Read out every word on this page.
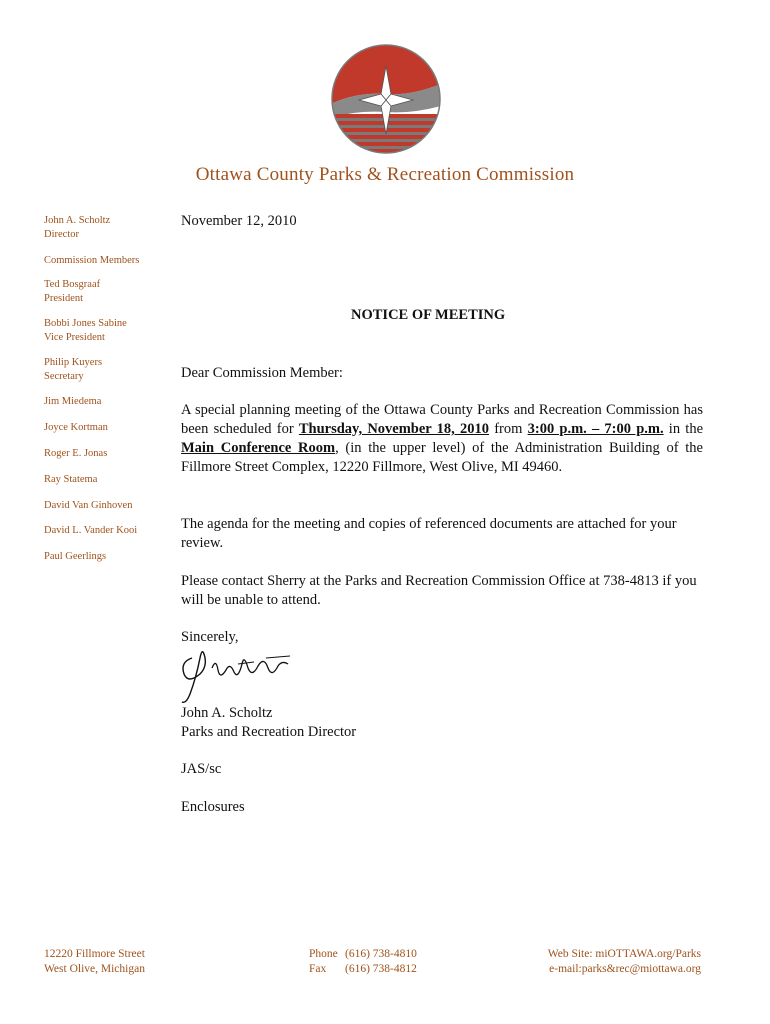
Ottawa County Parks & Recreation Commission
John A. Scholtz
Director
Commission Members
Ted Bosgraaf
President
Bobbi Jones Sabine
Vice President
Philip Kuyers
Secretary
Jim Miedema
Joyce Kortman
Roger E. Jonas
Ray Statema
David Van Ginhoven
David L. Vander Kooi
Paul Geerlings
November 12, 2010
NOTICE OF MEETING
Dear Commission Member:
A special planning meeting of the Ottawa County Parks and Recreation Commission has been scheduled for Thursday, November 18, 2010 from 3:00 p.m. – 7:00 p.m. in the Main Conference Room, (in the upper level) of the Administration Building of the Fillmore Street Complex, 12220 Fillmore, West Olive, MI 49460.
The agenda for the meeting and copies of referenced documents are attached for your review.
Please contact Sherry at the Parks and Recreation Commission Office at 738-4813 if you will be unable to attend.
Sincerely,
John A. Scholtz
Parks and Recreation Director
JAS/sc
Enclosures
12220 Fillmore Street
West Olive, Michigan
Phone (616) 738-4810
Fax (616) 738-4812
Web Site: miOTTAWA.org/Parks
e-mail:parks&rec@miottawa.org
